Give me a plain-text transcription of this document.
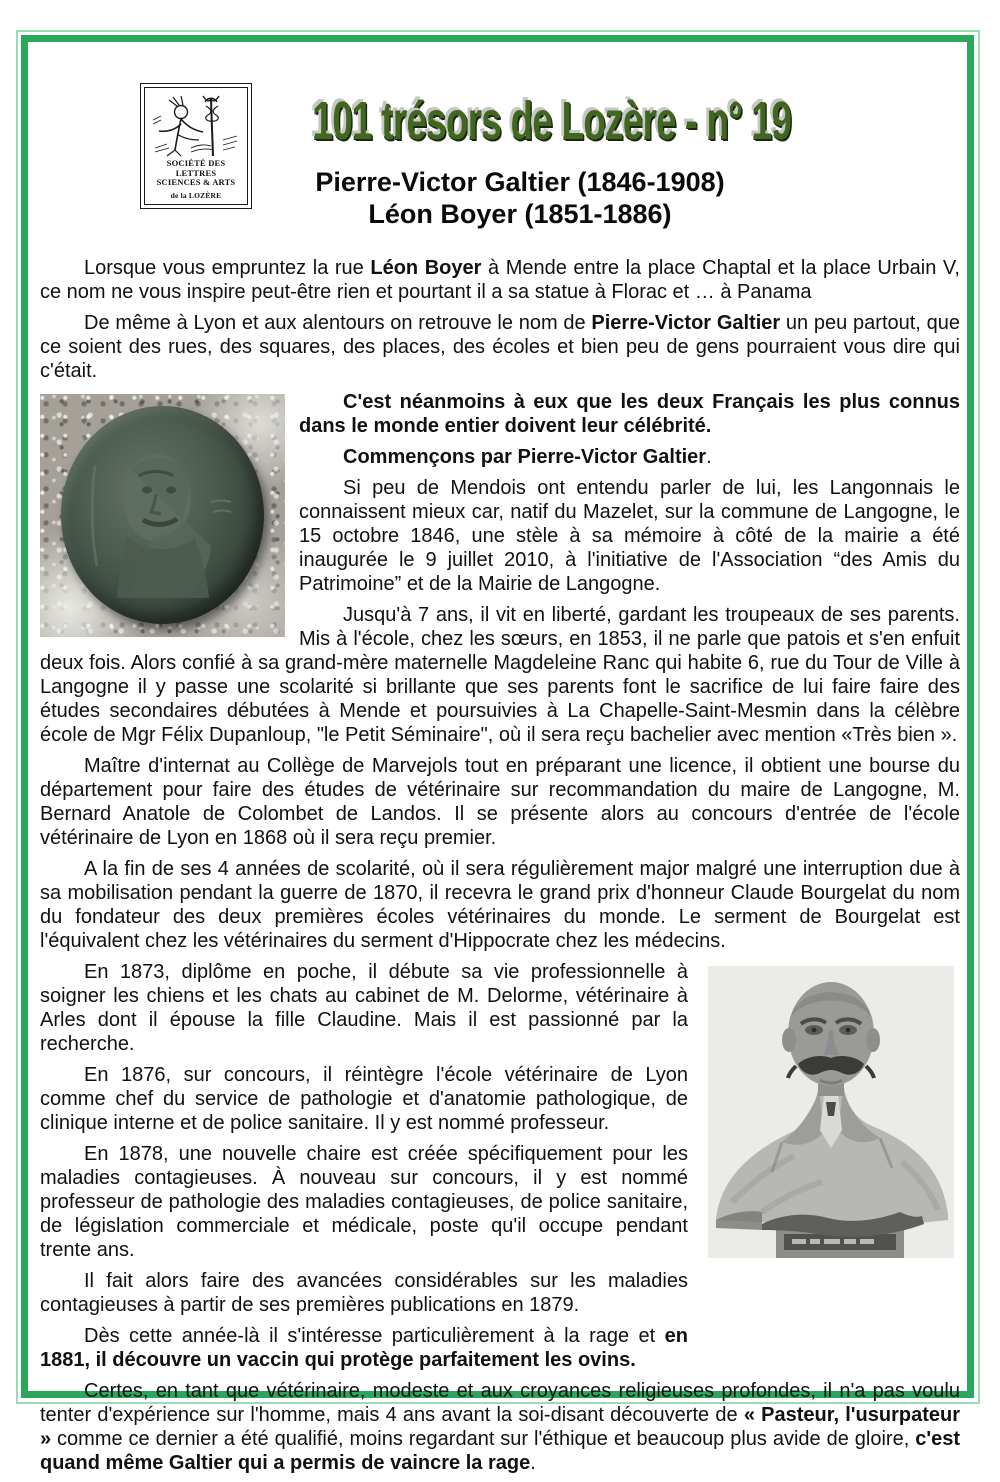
SOCIÉTÉ DES LETTRES
SCIENCES & ARTS
de la LOZÈRE
101 trésors de Lozère - n° 19
Pierre-Victor Galtier (1846-1908)
Léon Boyer (1851-1886)

Lorsque vous empruntez la rue Léon Boyer à Mende entre la place Chaptal et la place Urbain V, ce nom ne vous inspire peut-être rien et pourtant il a sa statue à Florac et … à Panama

De même à Lyon et aux alentours on retrouve le nom de Pierre-Victor Galtier un peu partout, que ce soient des rues, des squares, des places, des écoles et bien peu de gens pourraient vous dire qui c'était.

C'est néanmoins à eux que les deux Français les plus connus dans le monde entier doivent leur célébrité.

Commençons par Pierre-Victor Galtier.

Si peu de Mendois ont entendu parler de lui, les Langonnais le connaissent mieux car, natif du Mazelet, sur la commune de Langogne, le 15 octobre 1846, une stèle à sa mémoire à côté de la mairie a été inaugurée le 9 juillet 2010, à l'initiative de l'Association “des Amis du Patrimoine” et de la Mairie de Langogne.

Jusqu'à 7 ans, il vit en liberté, gardant les troupeaux de ses parents. Mis à l'école, chez les sœurs, en 1853, il ne parle que patois et s'en enfuit deux fois. Alors confié à sa grand-mère maternelle Magdeleine Ranc qui habite 6, rue du Tour de Ville à Langogne il y passe une scolarité si brillante que ses parents font le sacrifice de lui faire faire des études secondaires débutées à Mende et poursuivies à La Chapelle-Saint-Mesmin dans la célèbre école de Mgr Félix Dupanloup, "le Petit Séminaire", où il sera reçu bachelier avec mention «Très bien ».

Maître d'internat au Collège de Marvejols tout en préparant une licence, il obtient une bourse du département pour faire des études de vétérinaire sur recommandation du maire de Langogne, M. Bernard Anatole de Colombet de Landos. Il se présente alors au concours d'entrée de l'école vétérinaire de Lyon en 1868 où il sera reçu premier.

A la fin de ses 4 années de scolarité, où il sera régulièrement major malgré une interruption due à sa mobilisation pendant la guerre de 1870, il recevra le grand prix d'honneur Claude Bourgelat du nom du fondateur des deux premières écoles vétérinaires du monde. Le serment de Bourgelat est l'équivalent chez les vétérinaires du serment d'Hippocrate chez les médecins.

En 1873, diplôme en poche, il débute sa vie professionnelle à soigner les chiens et les chats au cabinet de M. Delorme, vétérinaire à Arles dont il épouse la fille Claudine. Mais il est passionné par la recherche.

En 1876, sur concours, il réintègre l'école vétérinaire de Lyon comme chef du service de pathologie et d'anatomie pathologique, de clinique interne et de police sanitaire. Il y est nommé professeur.

En 1878, une nouvelle chaire est créée spécifiquement pour les maladies contagieuses. À nouveau sur concours, il y est nommé professeur de pathologie des maladies contagieuses, de police sanitaire, de législation commerciale et médicale, poste qu'il occupe pendant trente ans.

Il fait alors faire des avancées considérables sur les maladies contagieuses à partir de ses premières publications en 1879.

Dès cette année-là il s'intéresse particulièrement à la rage et en 1881, il découvre un vaccin qui protège parfaitement les ovins.

Certes, en tant que vétérinaire, modeste et aux croyances religieuses profondes, il n'a pas voulu tenter d'expérience sur l'homme, mais 4 ans avant la soi-disant découverte de « Pasteur, l'usurpateur » comme ce dernier a été qualifié, moins regardant sur l'éthique et beaucoup plus avide de gloire, c'est quand même Galtier qui a permis de vaincre la rage.
